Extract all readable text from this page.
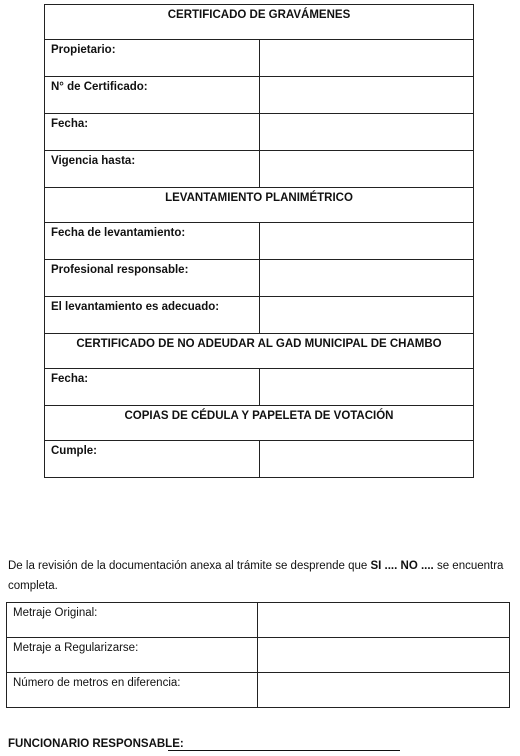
CERTIFICADO DE GRAVÁMENES	
Propietario:	
N° de Certificado:	
Fecha:	
Vigencia hasta:	
LEVANTAMIENTO PLANIMÉTRICO	
Fecha de levantamiento:	
Profesional responsable:	
El levantamiento es adecuado:	
CERTIFICADO DE NO ADEUDAR AL GAD MUNICIPAL DE CHAMBO	
Fecha:	
COPIAS DE CÉDULA Y PAPELETA DE VOTACIÓN	
Cumple:	
De la revisión de la documentación anexa al trámite se desprende que SI .... NO .... se encuentra completa.
Metraje Original:	
Metraje a Regularizarse:	
Número de metros en diferencia:	
FUNCIONARIO RESPONSABLE:
